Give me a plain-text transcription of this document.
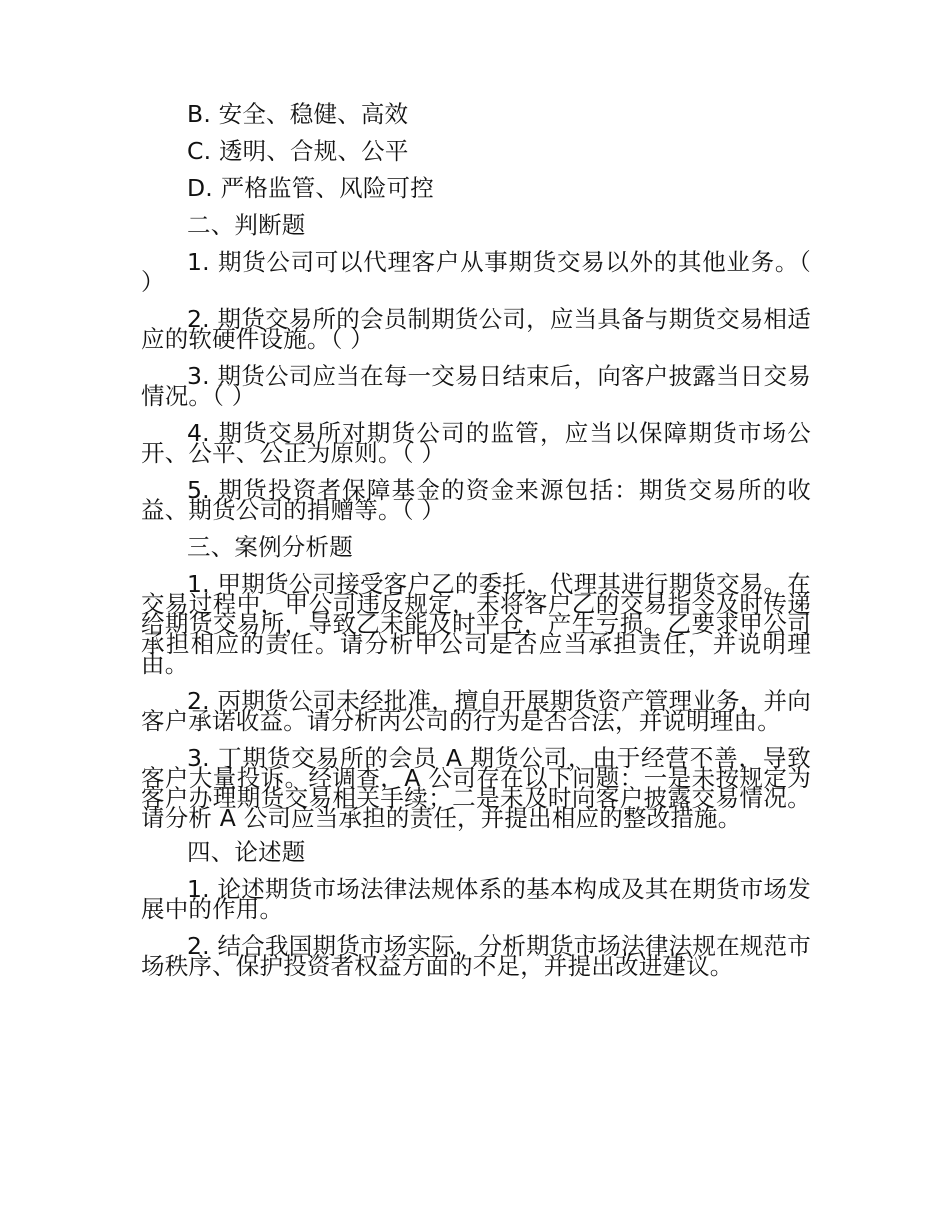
B. 安全、稳健、高效
C. 透明、合规、公平
D. 严格监管、风险可控
二、判断题
1. 期货公司可以代理客户从事期货交易以外的其他业务。（ ）
2. 期货交易所的会员制期货公司，应当具备与期货交易相适应的软硬件设施。（ ）
3. 期货公司应当在每一交易日结束后，向客户披露当日交易情况。（ ）
4. 期货交易所对期货公司的监管，应当以保障期货市场公开、公平、公正为原则。（ ）
5. 期货投资者保障基金的资金来源包括：期货交易所的收益、期货公司的捐赠等。（ ）
三、案例分析题
1. 甲期货公司接受客户乙的委托，代理其进行期货交易。在交易过程中，甲公司违反规定，未将客户乙的交易指令及时传递给期货交易所，导致乙未能及时平仓，产生亏损。乙要求甲公司承担相应的责任。请分析甲公司是否应当承担责任，并说明理由。
2. 丙期货公司未经批准，擅自开展期货资产管理业务，并向客户承诺收益。请分析丙公司的行为是否合法，并说明理由。
3. 丁期货交易所的会员 A 期货公司，由于经营不善，导致客户大量投诉。经调查，A 公司存在以下问题：一是未按规定为客户办理期货交易相关手续；二是未及时向客户披露交易情况。请分析 A 公司应当承担的责任，并提出相应的整改措施。
四、论述题
1. 论述期货市场法律法规体系的基本构成及其在期货市场发展中的作用。
2. 结合我国期货市场实际，分析期货市场法律法规在规范市场秩序、保护投资者权益方面的不足，并提出改进建议。
